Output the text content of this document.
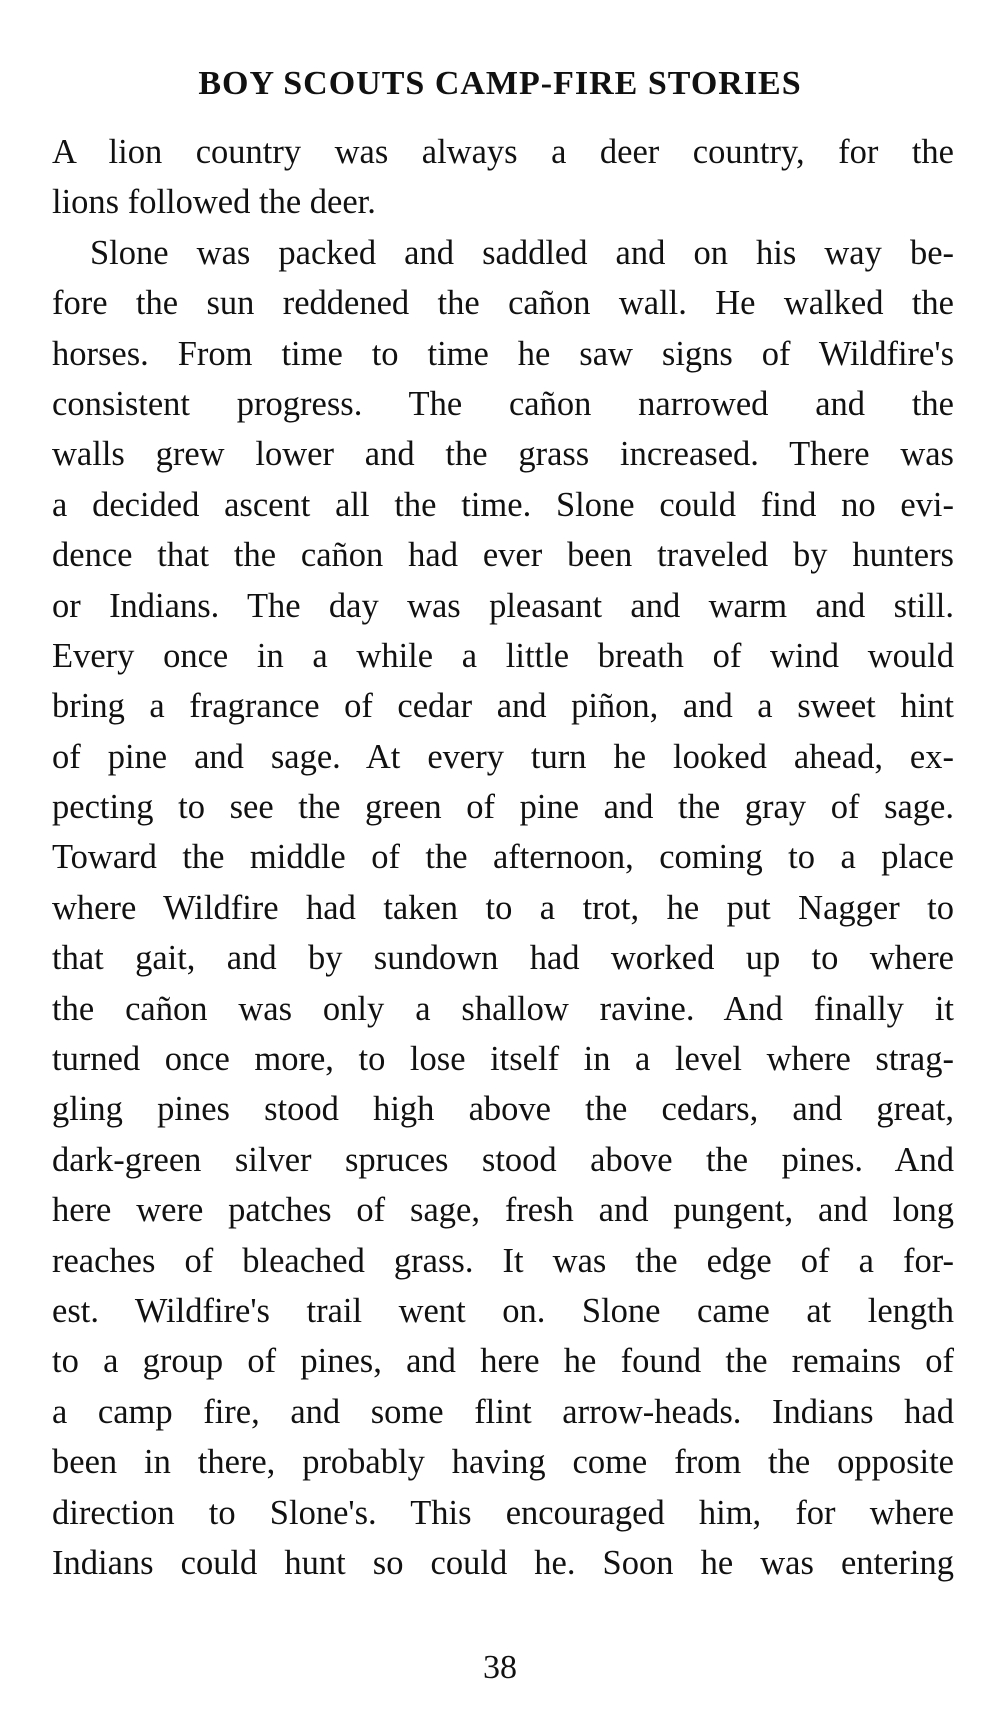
BOY SCOUTS CAMP-FIRE STORIES
A lion country was always a deer country, for the
lions followed the deer.
Slone was packed and saddled and on his way be-
fore the sun reddened the cañon wall. He walked the
horses. From time to time he saw signs of Wildfire's
consistent progress. The cañon narrowed and the
walls grew lower and the grass increased. There was
a decided ascent all the time. Slone could find no evi-
dence that the cañon had ever been traveled by hunters
or Indians. The day was pleasant and warm and still.
Every once in a while a little breath of wind would
bring a fragrance of cedar and piñon, and a sweet hint
of pine and sage. At every turn he looked ahead, ex-
pecting to see the green of pine and the gray of sage.
Toward the middle of the afternoon, coming to a place
where Wildfire had taken to a trot, he put Nagger to
that gait, and by sundown had worked up to where
the cañon was only a shallow ravine. And finally it
turned once more, to lose itself in a level where strag-
gling pines stood high above the cedars, and great,
dark-green silver spruces stood above the pines. And
here were patches of sage, fresh and pungent, and long
reaches of bleached grass. It was the edge of a for-
est. Wildfire's trail went on. Slone came at length
to a group of pines, and here he found the remains of
a camp fire, and some flint arrow-heads. Indians had
been in there, probably having come from the opposite
direction to Slone's. This encouraged him, for where
Indians could hunt so could he. Soon he was entering
38
